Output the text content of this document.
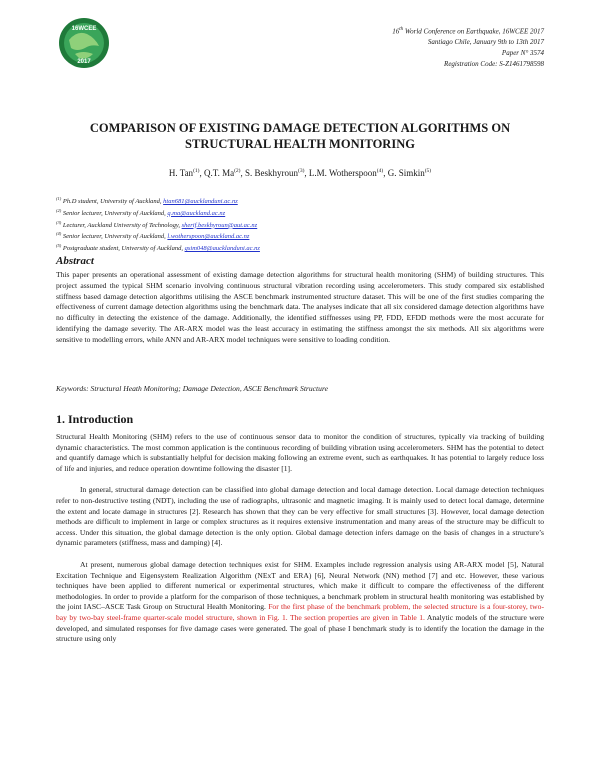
16WCEE
2017
16th World Conference on Earthquake, 16WCEE 2017
Santiago Chile, January 9th to 13th 2017
Paper N° 3574
Registration Code: S-Z1461798598
COMPARISON OF EXISTING DAMAGE DETECTION ALGORITHMS ON
STRUCTURAL HEALTH MONITORING
H. Tan$^{(1)}$, Q.T. Ma$^{(2)}$, S. Beskhyroun$^{(3)}$, L.M. Wotherspoon$^{(4)}$, G. Simkin$^{(5)}$
$^{(1)}$ Ph.D student, University of Auckland, htan681@aucklanduni.ac.nz
$^{(2)}$ Senior lecturer, University of Auckland, q.ma@auckland.ac.nz
$^{(3)}$ Lecturer, Auckland University of Technology, sherif.beskhyroun@aut.ac.nz
$^{(4)}$ Senior lecturer, University of Auckland, l.wotherspoon@auckland.ac.nz
$^{(5)}$ Postgraduate student, University of Auckland, gsim048@aucklanduni.ac.nz
Abstract
This paper presents an operational assessment of existing damage detection algorithms for structural health monitoring (SHM) of building structures. This project assumed the typical SHM scenario involving continuous structural vibration recording using accelerometers. This study compared six established stiffness based damage detection algorithms utilising the ASCE benchmark instrumented structure dataset. This will be one of the first studies comparing the effectiveness of current damage detection algorithms using the benchmark data. The analyses indicate that all six considered damage detection algorithms have no difficulty in detecting the existence of the damage. Additionally, the identified stiffnesses using PP, FDD, EFDD methods were the most accurate for identifying the damage severity. The AR-ARX model was the least accuracy in estimating the stiffness amongst the six methods. All six algorithms were sensitive to modelling errors, while ANN and AR-ARX model techniques were sensitive to loading condition.
Keywords: Structural Heath Monitoring; Damage Detection, ASCE Benchmark Structure
1. Introduction

Structural Health Monitoring (SHM) refers to the use of continuous sensor data to monitor the condition of structures, typically via tracking of building dynamic characteristics. The most common application is the continuous recording of building vibration using accelerometers. SHM has the potential to detect and quantify damage which is substantially helpful for decision making following an extreme event, such as earthquakes. It has potential to largely reduce loss of life and injuries, and reduce operation downtime following the disaster [1].

In general, structural damage detection can be classified into global damage detection and local damage detection. Local damage detection techniques refer to non-destructive testing (NDT), including the use of radiographs, ultrasonic and magnetic imaging. It is mainly used to detect local damage, determine the extent and locate damage in structures [2]. Research has shown that they can be very effective for small structures [3]. However, local damage detection methods are difficult to implement in large or complex structures as it requires extensive instrumentation and many areas of the structure may be difficult to access. Under this situation, the global damage detection is the only option. Global damage detection infers damage on the basis of changes in a structure’s dynamic parameters (stiffness, mass and damping) [4].

At present, numerous global damage detection techniques exist for SHM. Examples include regression analysis using AR-ARX model [5], Natural Excitation Technique and Eigensystem Realization Algorithm (NExT and ERA) [6], Neural Network (NN) method [7] and etc. However, these various techniques have been applied to different numerical or experimental structures, which make it difficult to compare the effectiveness of the different methodologies. In order to provide a platform for the comparison of those techniques, a benchmark problem in structural health monitoring was established by the joint IASC–ASCE Task Group on Structural Health Monitoring. For the first phase of the benchmark problem, the selected structure is a four-storey, two-bay by two-bay steel-frame quarter-scale model structure, shown in Fig. 1. The section properties are given in Table 1. Analytic models of the structure were developed, and simulated responses for five damage cases were generated. The goal of phase I benchmark study is to identify the location the damage in the structure using only
